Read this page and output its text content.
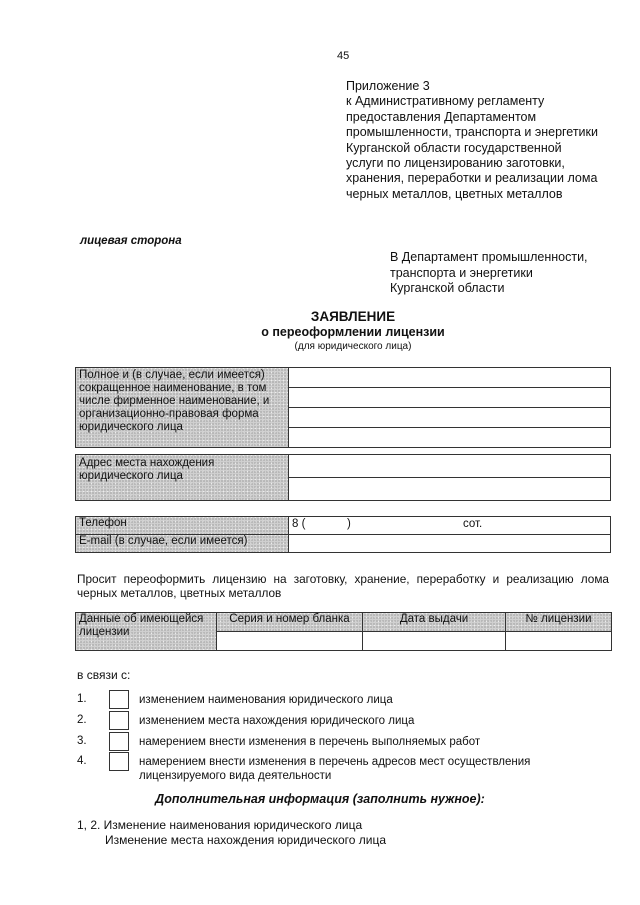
45
Приложение 3
к Административному регламенту
предоставления Департаментом
промышленности, транспорта и энергетики
Курганской области государственной
услуги по лицензированию заготовки,
хранения, переработки и реализации лома
черных металлов, цветных металлов
лицевая сторона
В Департамент промышленности,
транспорта и энергетики
Курганской области
ЗАЯВЛЕНИЕ
о переоформлении лицензии
(для юридического лица)
Полное и (в случае, если имеется) сокращенное наименование, в том числе фирменное наименование, и организационно-правовая форма юридического лица	

Адрес места нахождения юридического лица	

Телефон	8 ( ) сот.

E-mail (в случае, если имеется)	
Просит переоформить лицензию на заготовку, хранение, переработку и реализацию лома черных металлов, цветных металлов
Данные об имеющейся лицензии	Серия и номер бланка	Дата выдачи	№ лицензии

в связи с:
1.	изменением наименования юридического лица
2.	изменением места нахождения юридического лица
3.	намерением внести изменения в перечень выполняемых работ
4.	намерением внести изменения в перечень адресов мест осуществления
лицензируемого вида деятельности
Дополнительная информация (заполнить нужное):
1, 2. Изменение наименования юридического лица
Изменение места нахождения юридического лица
